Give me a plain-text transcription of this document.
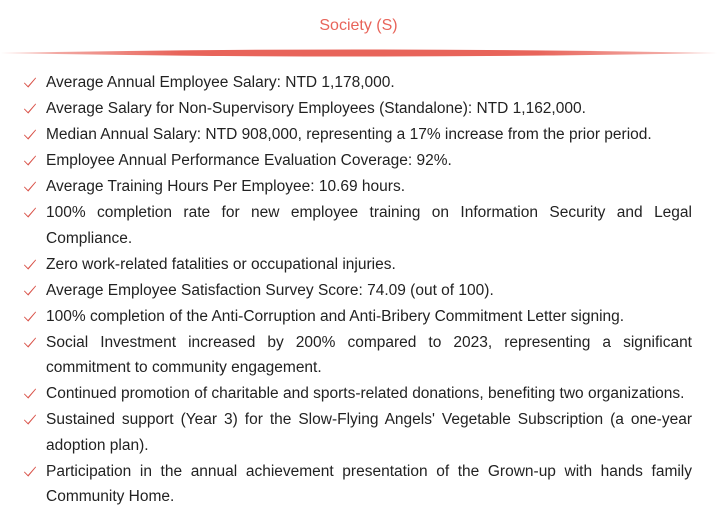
Society (S)
Average Annual Employee Salary: NTD 1,178,000.
Average Salary for Non-Supervisory Employees (Standalone): NTD 1,162,000.
Median Annual Salary: NTD 908,000, representing a 17% increase from the prior period.
Employee Annual Performance Evaluation Coverage: 92%.
Average Training Hours Per Employee: 10.69 hours.
100% completion rate for new employee training on Information Security and Legal Compliance.
Zero work-related fatalities or occupational injuries.
Average Employee Satisfaction Survey Score: 74.09 (out of 100).
100% completion of the Anti-Corruption and Anti-Bribery Commitment Letter signing.
Social Investment increased by 200% compared to 2023, representing a significant commitment to community engagement.
Continued promotion of charitable and sports-related donations, benefiting two organizations.
Sustained support (Year 3) for the Slow-Flying Angels' Vegetable Subscription (a one-year adoption plan).
Participation in the annual achievement presentation of the Grown-up with hands family Community Home.
